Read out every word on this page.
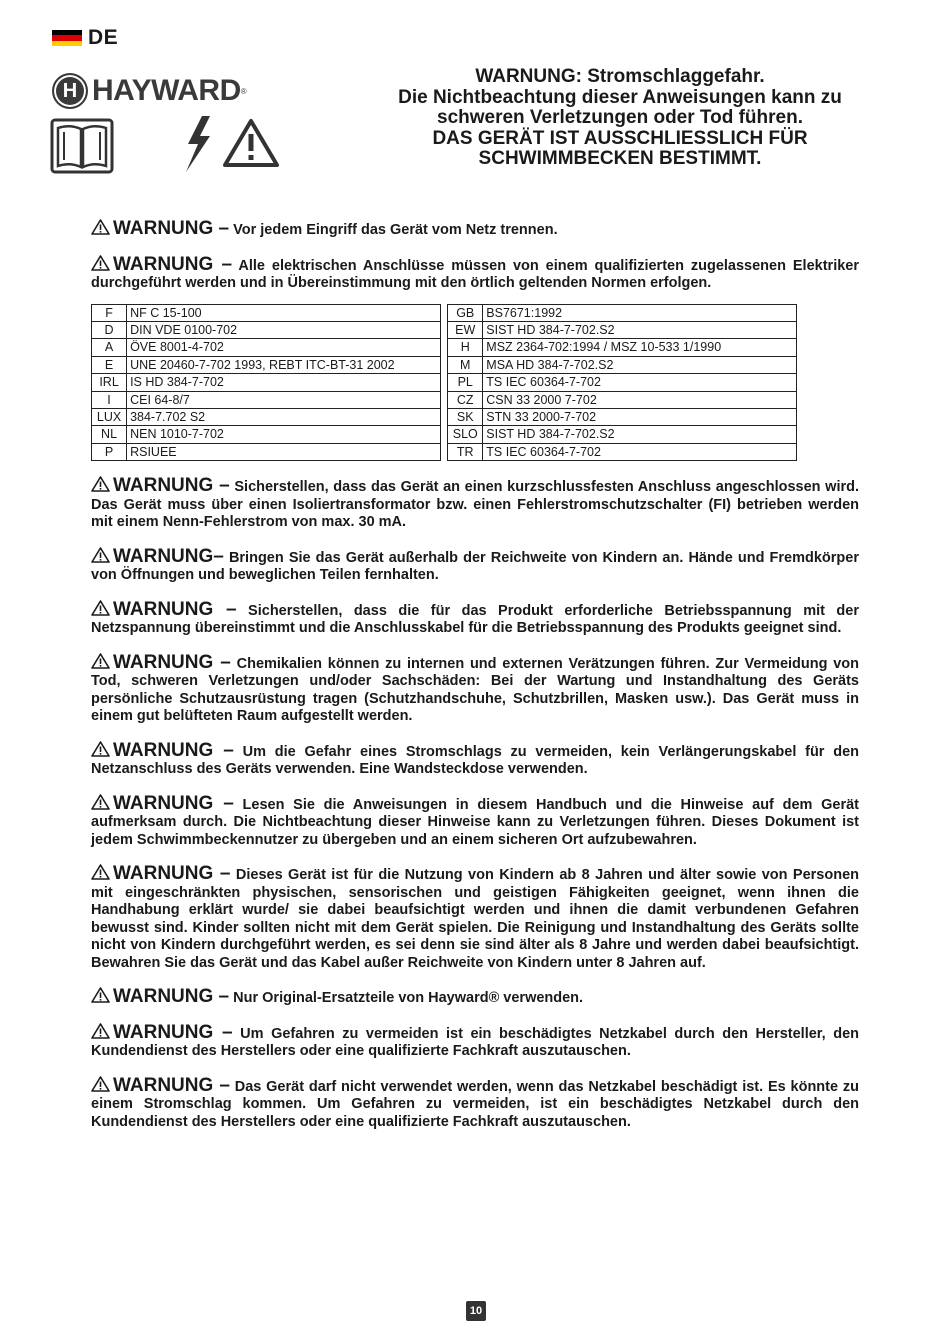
DE
H HAYWARD ®
WARNUNG: Stromschlaggefahr.
Die Nichtbeachtung dieser Anweisungen kann zu
schweren Verletzungen oder Tod führen.
DAS GERÄT IST AUSSCHLIESSLICH FÜR
SCHWIMMBECKEN BESTIMMT.

WARNUNG – Vor jedem Eingriff das Gerät vom Netz trennen.

WARNUNG – Alle elektrischen Anschlüsse müssen von einem qualifizierten zugelassenen Elektriker durchgeführt werden und in Übereinstimmung mit den örtlich geltenden Normen erfolgen.

F	NF C 15-100		GB	BS7671:1992
D	DIN VDE 0100-702		EW	SIST HD 384-7-702.S2
A	ÖVE 8001-4-702		H	MSZ 2364-702:1994 / MSZ 10-533 1/1990
E	UNE 20460-7-702 1993, REBT ITC-BT-31 2002		M	MSA HD 384-7-702.S2
IRL	IS HD 384-7-702		PL	TS IEC 60364-7-702
I	CEI 64-8/7		CZ	CSN 33 2000 7-702
LUX	384-7.702 S2		SK	STN 33 2000-7-702
NL	NEN 1010-7-702		SLO	SIST HD 384-7-702.S2
P	RSIUEE		TR	TS IEC 60364-7-702

WARNUNG – Sicherstellen, dass das Gerät an einen kurzschlussfesten Anschluss angeschlossen wird. Das Gerät muss über einen Isoliertransformator bzw. einen Fehlerstromschutzschalter (FI) betrieben werden mit einem Nenn-Fehlerstrom von max. 30 mA.

WARNUNG– Bringen Sie das Gerät außerhalb der Reichweite von Kindern an. Hände und Fremdkörper von Öffnungen und beweglichen Teilen fernhalten.

WARNUNG – Sicherstellen, dass die für das Produkt erforderliche Betriebsspannung mit der Netzspannung übereinstimmt und die Anschlusskabel für die Betriebsspannung des Produkts geeignet sind.

WARNUNG – Chemikalien können zu internen und externen Verätzungen führen. Zur Vermeidung von Tod, schweren Verletzungen und/oder Sachschäden: Bei der Wartung und Instandhaltung des Geräts persönliche Schutzausrüstung tragen (Schutzhandschuhe, Schutzbrillen, Masken usw.). Das Gerät muss in einem gut belüfteten Raum aufgestellt werden.

WARNUNG – Um die Gefahr eines Stromschlags zu vermeiden, kein Verlängerungskabel für den Netzanschluss des Geräts verwenden. Eine Wandsteckdose verwenden.

WARNUNG – Lesen Sie die Anweisungen in diesem Handbuch und die Hinweise auf dem Gerät aufmerksam durch. Die Nichtbeachtung dieser Hinweise kann zu Verletzungen führen. Dieses Dokument ist jedem Schwimmbeckennutzer zu übergeben und an einem sicheren Ort aufzubewahren.

WARNUNG – Dieses Gerät ist für die Nutzung von Kindern ab 8 Jahren und älter sowie von Personen mit eingeschränkten physischen, sensorischen und geistigen Fähigkeiten geeignet, wenn ihnen die Handhabung erklärt wurde/ sie dabei beaufsichtigt werden und ihnen die damit verbundenen Gefahren bewusst sind. Kinder sollten nicht mit dem Gerät spielen. Die Reinigung und Instandhaltung des Geräts sollte nicht von Kindern durchgeführt werden, es sei denn sie sind älter als 8 Jahre und werden dabei beaufsichtigt. Bewahren Sie das Gerät und das Kabel außer Reichweite von Kindern unter 8 Jahren auf.

WARNUNG – Nur Original-Ersatzteile von Hayward® verwenden.

WARNUNG – Um Gefahren zu vermeiden ist ein beschädigtes Netzkabel durch den Hersteller, den Kundendienst des Herstellers oder eine qualifizierte Fachkraft auszutauschen.

WARNUNG – Das Gerät darf nicht verwendet werden, wenn das Netzkabel beschädigt ist. Es könnte zu einem Stromschlag kommen. Um Gefahren zu vermeiden, ist ein beschädigtes Netzkabel durch den Kundendienst des Herstellers oder eine qualifizierte Fachkraft auszutauschen.

10
